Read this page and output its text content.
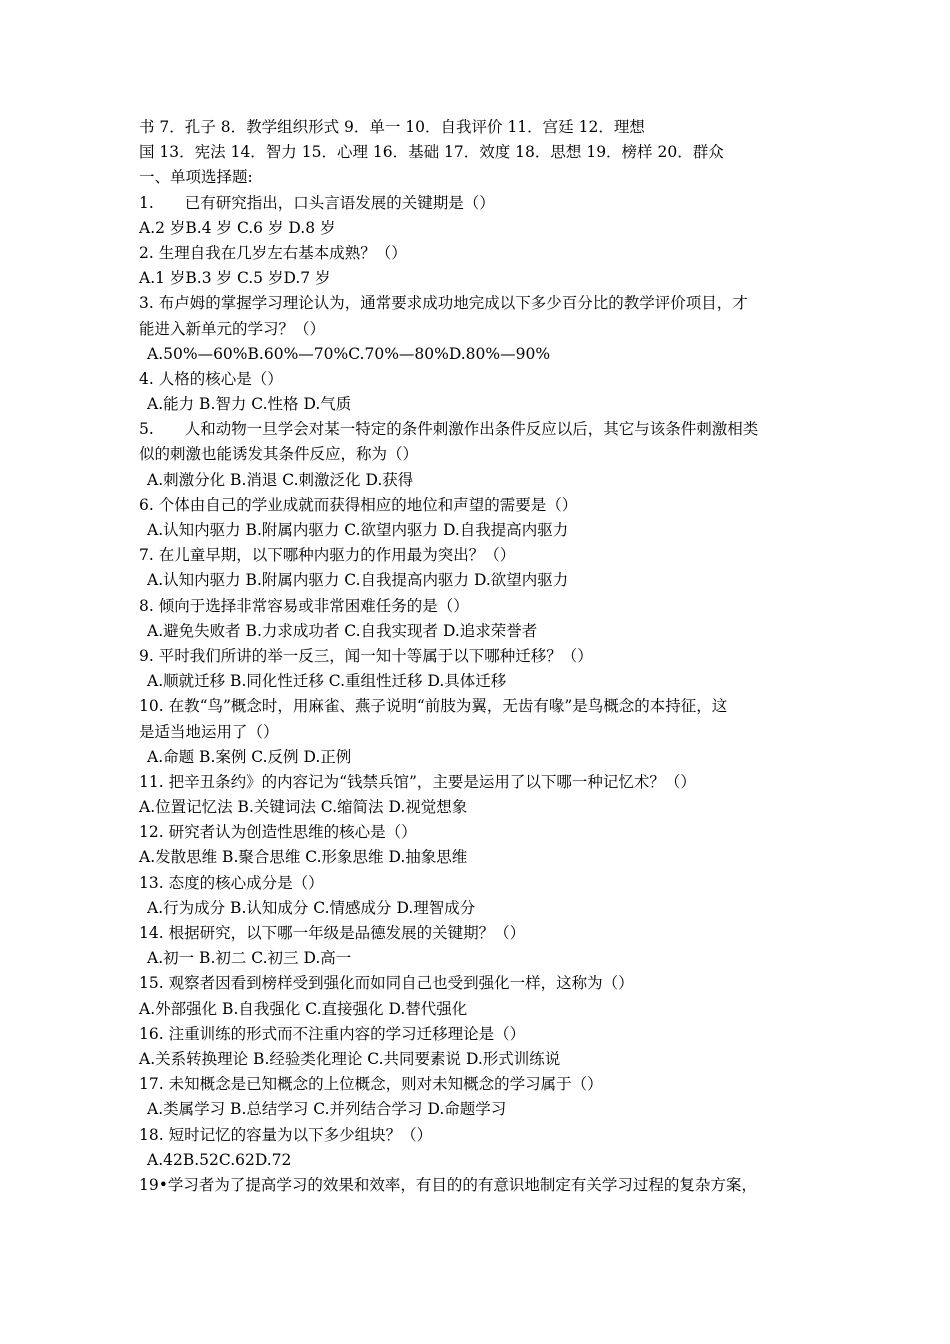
书 7．孔子 8．教学组织形式 9．单一 10．自我评价 11．宫廷 12．理想
国 13．宪法 14．智力 15．心理 16．基础 17．效度 18．思想 19．榜样 20．群众
一、单项选择题:
1.　　已有研究指出，口头言语发展的关键期是（）
A.2 岁B.4 岁 C.6 岁 D.8 岁
2. 生理自我在几岁左右基本成熟？（）
A.1 岁B.3 岁 C.5 岁D.7 岁
3. 布卢姆的掌握学习理论认为，通常要求成功地完成以下多少百分比的教学评价项目，才
能进入新单元的学习？（）
A.50%—60%B.60%—70%C.70%—80%D.80%—90%
4. 人格的核心是（）
A.能力 B.智力 C.性格 D.气质
5.　　人和动物一旦学会对某一特定的条件刺激作出条件反应以后，其它与该条件刺激相类
似的刺激也能诱发其条件反应，称为（）
A.刺激分化 B.消退 C.刺激泛化 D.获得
6. 个体由自己的学业成就而获得相应的地位和声望的需要是（）
A.认知内驱力 B.附属内驱力 C.欲望内驱力 D.自我提高内驱力
7. 在儿童早期，以下哪种内驱力的作用最为突出？（）
A.认知内驱力 B.附属内驱力 C.自我提高内驱力 D.欲望内驱力
8. 倾向于选择非常容易或非常困难任务的是（）
A.避免失败者 B.力求成功者 C.自我实现者 D.追求荣誉者
9. 平时我们所讲的举一反三，闻一知十等属于以下哪种迁移？（）
A.顺就迁移 B.同化性迁移 C.重组性迁移 D.具体迁移
10. 在教“鸟”概念时，用麻雀、燕子说明“前肢为翼，无齿有喙”是鸟概念的本持征，这
是适当地运用了（）
A.命题 B.案例 C.反例 D.正例
11. 把辛丑条约》的内容记为“钱禁兵馆”，主要是运用了以下哪一种记忆术？（）
A.位置记忆法 B.关键词法 C.缩简法 D.视觉想象
12. 研究者认为创造性思维的核心是（）
A.发散思维 B.聚合思维 C.形象思维 D.抽象思维
13. 态度的核心成分是（）
A.行为成分 B.认知成分 C.情感成分 D.理智成分
14. 根据研究，以下哪一年级是品德发展的关键期？（）
A.初一 B.初二 C.初三 D.高一
15. 观察者因看到榜样受到强化而如同自己也受到强化一样，这称为（）
A.外部强化 B.自我强化 C.直接强化 D.替代强化
16. 注重训练的形式而不注重内容的学习迁移理论是（）
A.关系转换理论 B.经验类化理论 C.共同要素说 D.形式训练说
17. 未知概念是已知概念的上位概念，则对未知概念的学习属于（）
A.类属学习 B.总结学习 C.并列结合学习 D.命题学习
18. 短时记忆的容量为以下多少组块？（）
A.42B.52C.62D.72
19•学习者为了提高学习的效果和效率，有目的的有意识地制定有关学习过程的复杂方案，
